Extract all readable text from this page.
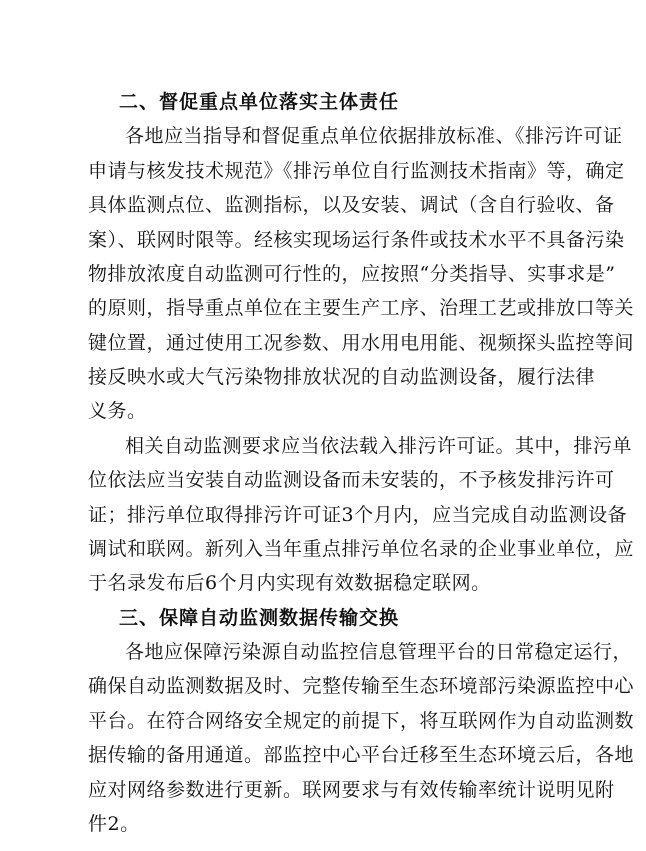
二、督促重点单位落实主体责任
各地应当指导和督促重点单位依据排放标准、《排污许可证
申请与核发技术规范》《排污单位自行监测技术指南》等，确定
具体监测点位、监测指标，以及安装、调试（含自行验收、备
案）、联网时限等。经核实现场运行条件或技术水平不具备污染
物排放浓度自动监测可行性的，应按照“分类指导、实事求是”
的原则，指导重点单位在主要生产工序、治理工艺或排放口等关
键位置，通过使用工况参数、用水用电用能、视频探头监控等间
接反映水或大气污染物排放状况的自动监测设备，履行法律
义务。
相关自动监测要求应当依法载入排污许可证。其中，排污单
位依法应当安装自动监测设备而未安装的，不予核发排污许可
证；排污单位取得排污许可证3个月内，应当完成自动监测设备
调试和联网。新列入当年重点排污单位名录的企业事业单位，应
于名录发布后6个月内实现有效数据稳定联网。
三、保障自动监测数据传输交换
各地应保障污染源自动监控信息管理平台的日常稳定运行，
确保自动监测数据及时、完整传输至生态环境部污染源监控中心
平台。在符合网络安全规定的前提下，将互联网作为自动监测数
据传输的备用通道。部监控中心平台迁移至生态环境云后，各地
应对网络参数进行更新。联网要求与有效传输率统计说明见附
件2。
